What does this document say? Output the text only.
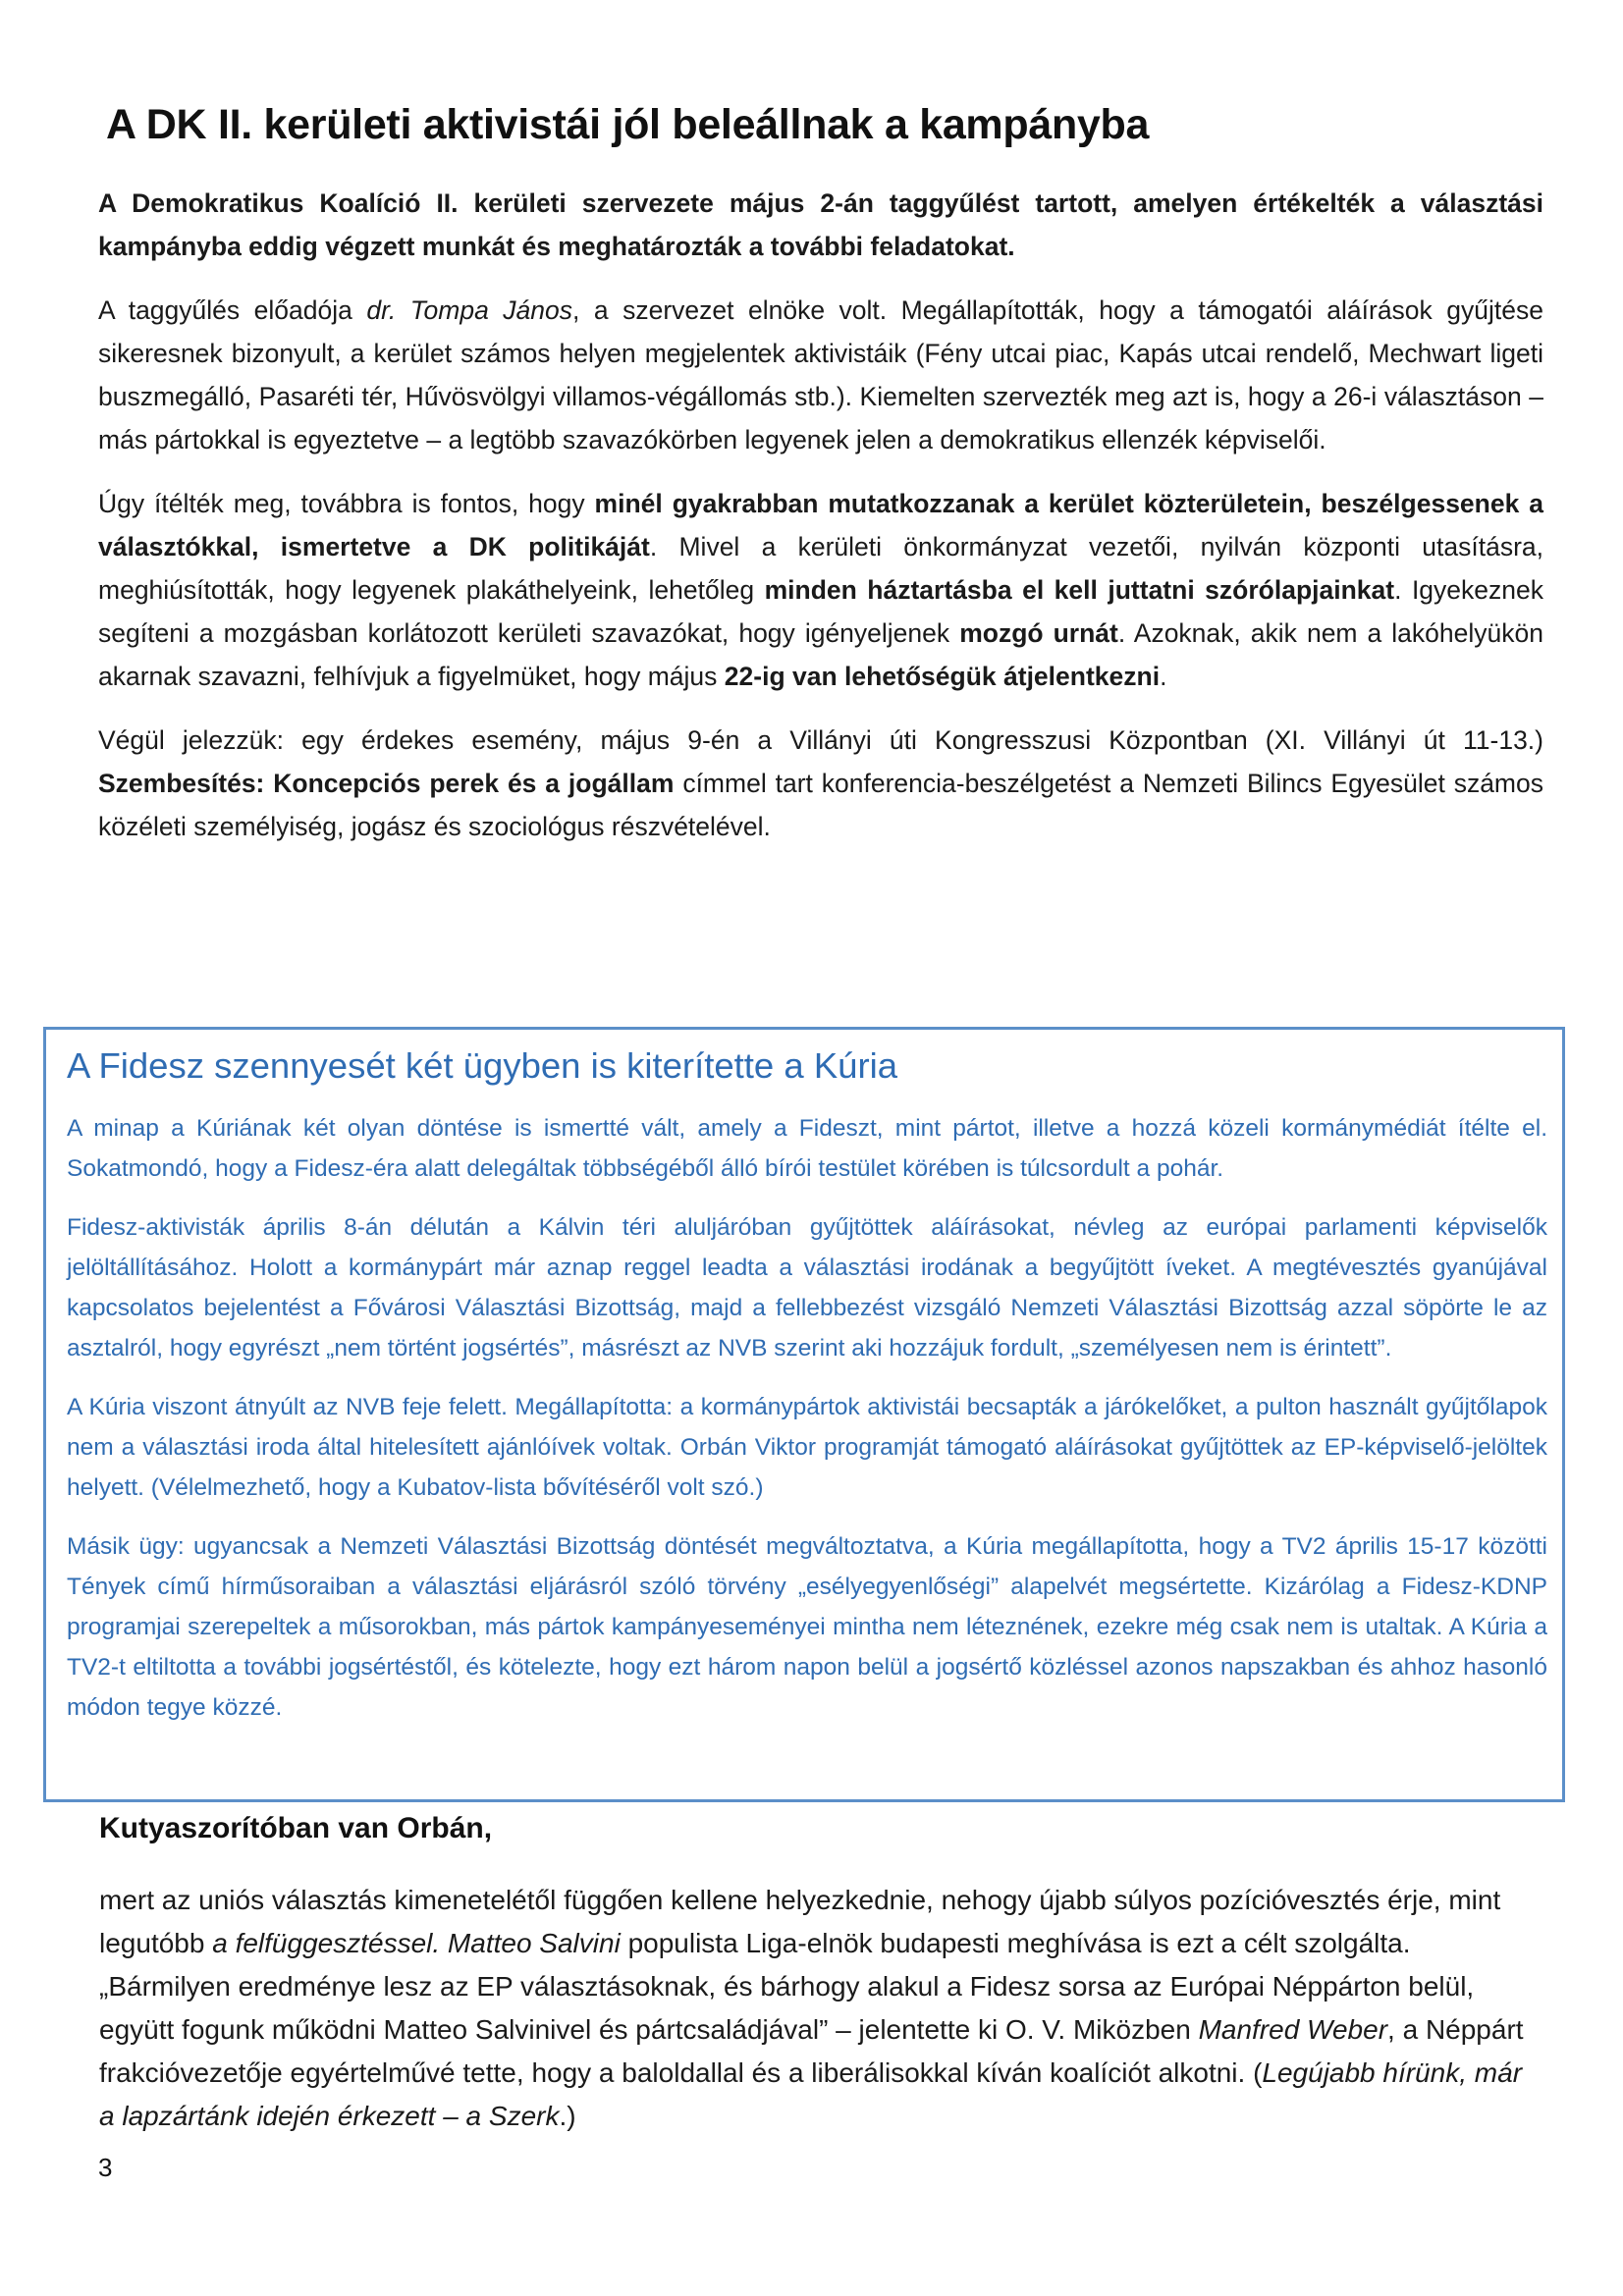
A DK II. kerületi aktivistái jól beleállnak a kampányba

A Demokratikus Koalíció II. kerületi szervezete május 2-án taggyűlést tartott, amelyen értékelték a választási kampányba eddig végzett munkát és meghatározták a további feladatokat.

A taggyűlés előadója dr. Tompa János, a szervezet elnöke volt. Megállapították, hogy a támogatói aláírások gyűjtése sikeresnek bizonyult, a kerület számos helyen megjelentek aktivistáik (Fény utcai piac, Kapás utcai rendelő, Mechwart ligeti buszmegálló, Pasaréti tér, Hűvösvölgyi villamos-végállomás stb.). Kiemelten szervezték meg azt is, hogy a 26-i választáson – más pártokkal is egyeztetve – a legtöbb szavazókörben legyenek jelen a demokratikus ellenzék képviselői.

Úgy ítélték meg, továbbra is fontos, hogy minél gyakrabban mutatkozzanak a kerület közterületein, beszélgessenek a választókkal, ismertetve a DK politikáját. Mivel a kerületi önkormányzat vezetői, nyilván központi utasításra, meghiúsították, hogy legyenek plakáthelyeink, lehetőleg minden háztartásba el kell juttatni szórólapjainkat. Igyekeznek segíteni a mozgásban korlátozott kerületi szavazókat, hogy igényeljenek mozgó urnát. Azoknak, akik nem a lakóhelyükön akarnak szavazni, felhívjuk a figyelmüket, hogy május 22-ig van lehetőségük átjelentkezni.

Végül jelezzük: egy érdekes esemény, május 9-én a Villányi úti Kongresszusi Központban (XI. Villányi út 11-13.) Szembesítés: Koncepciós perek és a jogállam címmel tart konferencia-beszélgetést a Nemzeti Bilincs Egyesület számos közéleti személyiség, jogász és szociológus részvételével.

A Fidesz szennyesét két ügyben is kiterítette a Kúria

A minap a Kúriának két olyan döntése is ismertté vált, amely a Fideszt, mint pártot, illetve a hozzá közeli kormánymédiát ítélte el. Sokatmondó, hogy a Fidesz-éra alatt delegáltak többségéből álló bírói testület körében is túlcsordult a pohár.

Fidesz-aktivisták április 8-án délután a Kálvin téri aluljáróban gyűjtöttek aláírásokat, névleg az európai parlamenti képviselők jelöltállításához. Holott a kormánypárt már aznap reggel leadta a választási irodának a begyűjtött íveket. A megtévesztés gyanújával kapcsolatos bejelentést a Fővárosi Választási Bizottság, majd a fellebbezést vizsgáló Nemzeti Választási Bizottság azzal söpörte le az asztalról, hogy egyrészt „nem történt jogsértés”, másrészt az NVB szerint aki hozzájuk fordult, „személyesen nem is érintett”.

A Kúria viszont átnyúlt az NVB feje felett. Megállapította: a kormánypártok aktivistái becsapták a járókelőket, a pulton használt gyűjtőlapok nem a választási iroda által hitelesített ajánlóívek voltak. Orbán Viktor programját támogató aláírásokat gyűjtöttek az EP-képviselő-jelöltek helyett. (Vélelmezhető, hogy a Kubatov-lista bővítéséről volt szó.)

Másik ügy: ugyancsak a Nemzeti Választási Bizottság döntését megváltoztatva, a Kúria megállapította, hogy a TV2 április 15-17 közötti Tények című hírműsoraiban a választási eljárásról szóló törvény „esélyegyenlőségi” alapelvét megsértette. Kizárólag a Fidesz-KDNP programjai szerepeltek a műsorokban, más pártok kampányeseményei mintha nem léteznének, ezekre még csak nem is utaltak. A Kúria a TV2-t eltiltotta a további jogsértéstől, és kötelezte, hogy ezt három napon belül a jogsértő közléssel azonos napszakban és ahhoz hasonló módon tegye közzé.

Kutyaszorítóban van Orbán,

mert az uniós választás kimenetelétől függően kellene helyezkednie, nehogy újabb súlyos pozícióvesztés érje, mint legutóbb a felfüggesztéssel. Matteo Salvini populista Liga-elnök budapesti meghívása is ezt a célt szolgálta. „Bármilyen eredménye lesz az EP választásoknak, és bárhogy alakul a Fidesz sorsa az Európai Néppárton belül, együtt fogunk működni Matteo Salvinivel és pártcsaládjával” – jelentette ki O. V. Miközben Manfred Weber, a Néppárt frakcióvezetője egyértelművé tette, hogy a baloldallal és a liberálisokkal kíván koalíciót alkotni. (Legújabb hírünk, már a lapzártánk idején érkezett – a Szerk.)

3
